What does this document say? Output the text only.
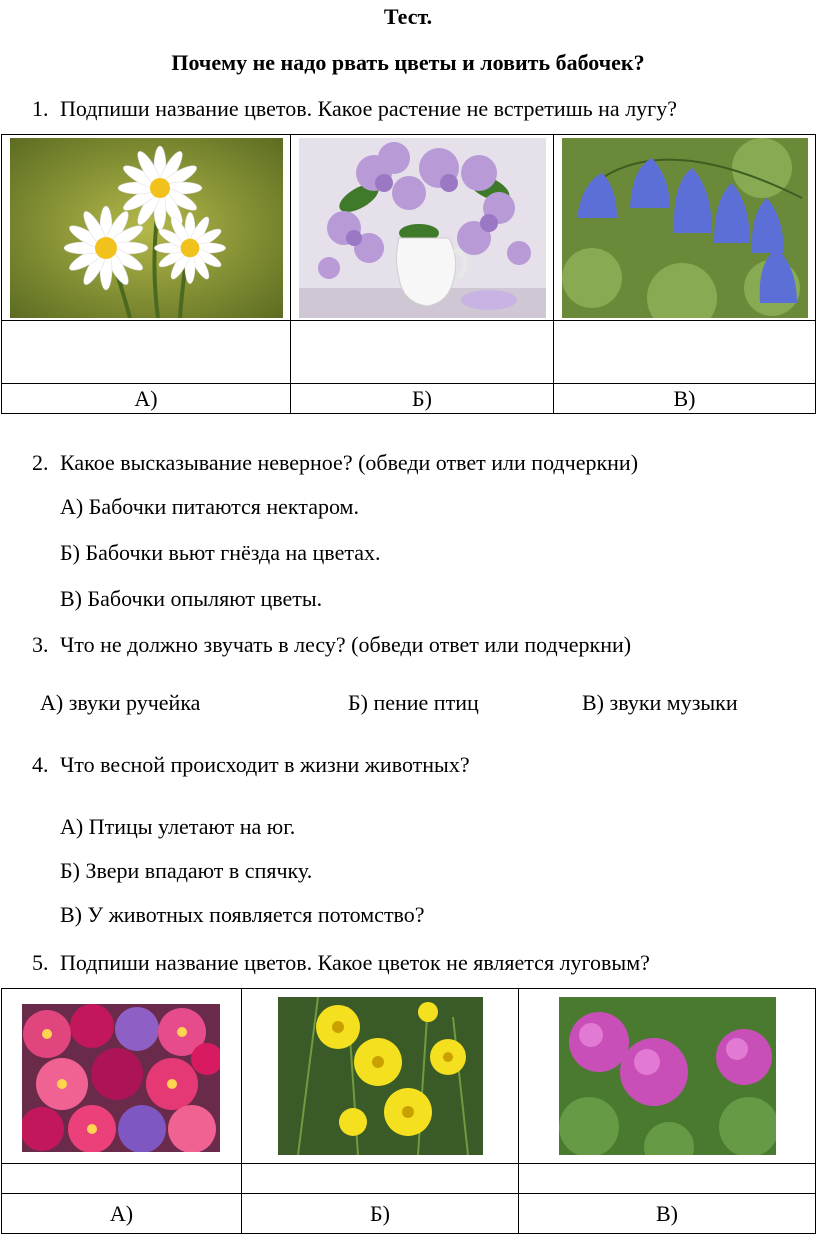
Тест.
Почему не надо рвать цветы и ловить бабочек?
1. Подпиши название цветов. Какое растение не встретишь на лугу?

А)	Б)	В)
2. Какое высказывание неверное? (обведи ответ или подчеркни)
А) Бабочки питаются нектаром.
Б) Бабочки вьют гнёзда на цветах.
В) Бабочки опыляют цветы.
3. Что не должно звучать в лесу? (обведи ответ или подчеркни)
А) звуки ручейка	Б) пение птиц	В) звуки музыки
4. Что весной происходит в жизни животных?
А) Птицы улетают на юг.
Б) Звери впадают в спячку.
В) У животных появляется потомство?
5. Подпиши название цветов. Какое цветок не является луговым?

А)	Б)	В)
